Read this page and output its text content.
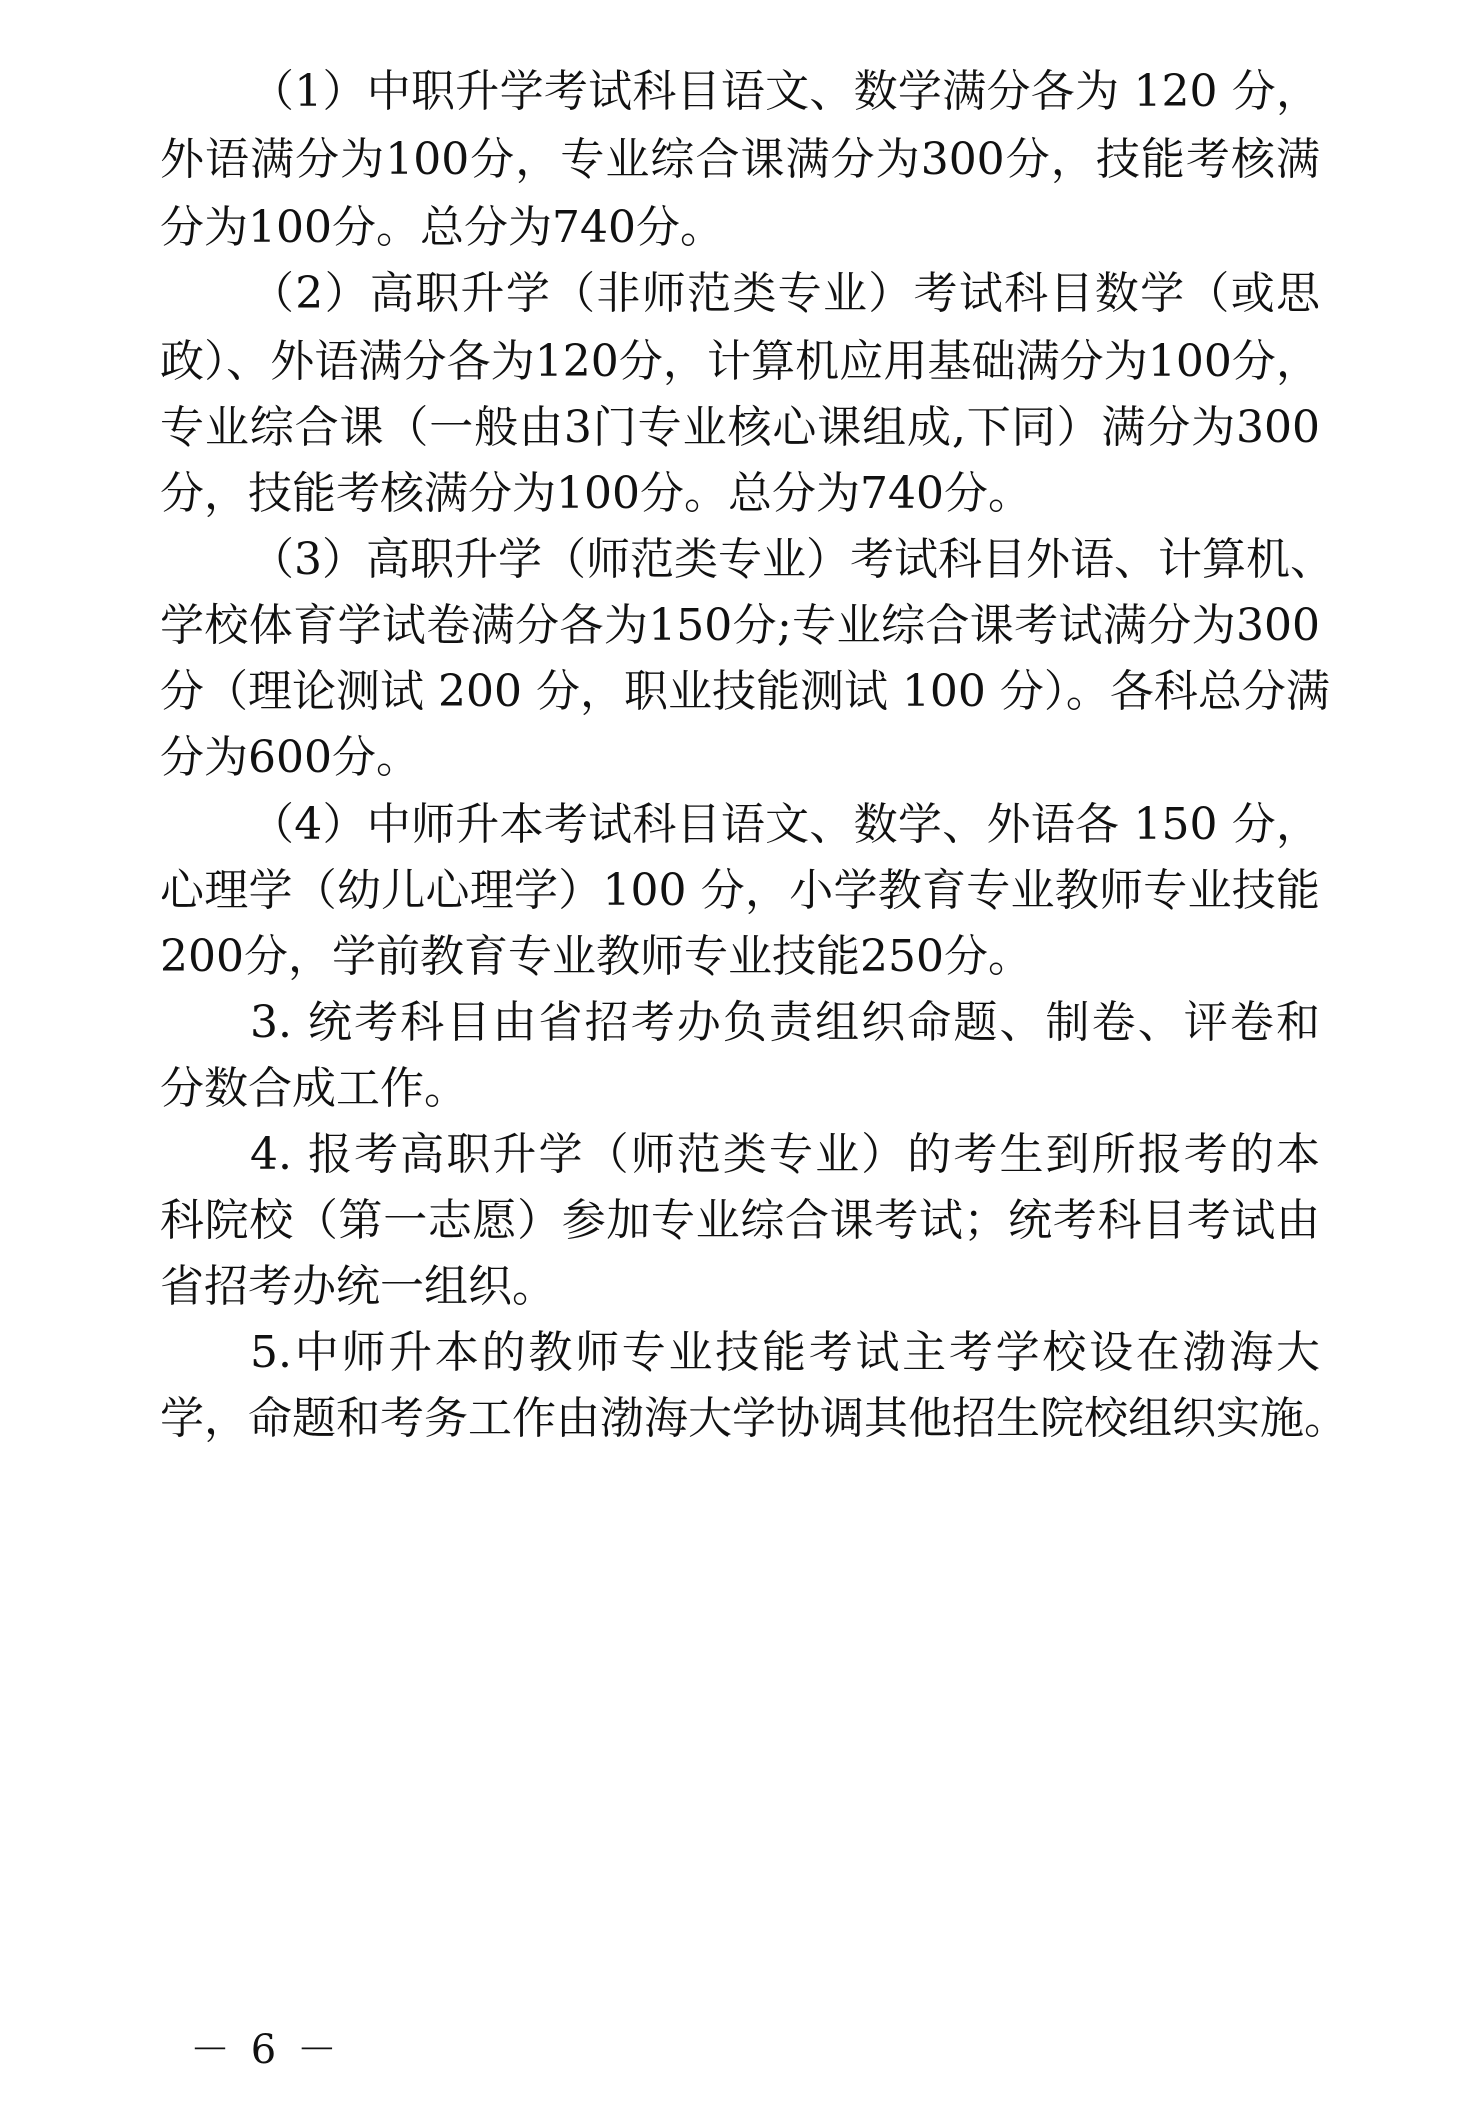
（1）中职升学考试科目语文、数学满分各为 120 分，
外语满分为100分，专业综合课满分为300分，技能考核满
分为100分。总分为740分。
（2）高职升学（非师范类专业）考试科目数学（或思
政）、外语满分各为120分，计算机应用基础满分为100分，
专业综合课（一般由3门专业核心课组成,下同）满分为300
分，技能考核满分为100分。总分为740分。
（3）高职升学（师范类专业）考试科目外语、计算机、
学校体育学试卷满分各为150分;专业综合课考试满分为300
分（理论测试 200 分，职业技能测试 100 分）。各科总分满
分为600分。
（4）中师升本考试科目语文、数学、外语各 150 分，
心理学（幼儿心理学）100 分，小学教育专业教师专业技能
200分，学前教育专业教师专业技能250分。
3. 统考科目由省招考办负责组织命题、制卷、评卷和
分数合成工作。
4. 报考高职升学（师范类专业）的考生到所报考的本
科院校（第一志愿）参加专业综合课考试；统考科目考试由
省招考办统一组织。
5.中师升本的教师专业技能考试主考学校设在渤海大
学，命题和考务工作由渤海大学协调其他招生院校组织实施。
－ 6 －
